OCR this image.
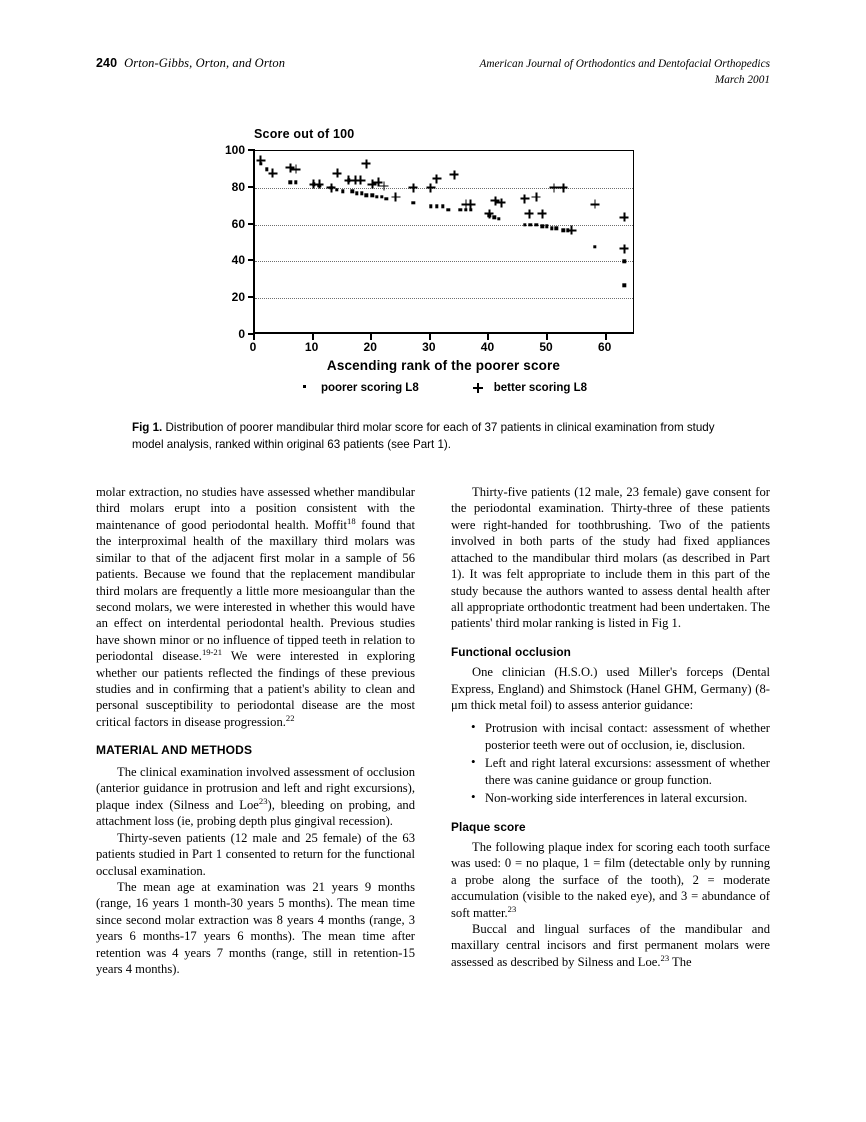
240 Orton-Gibbs, Orton, and Orton	American Journal of Orthodontics and Dentofacial Orthopedics
March 2001
Score out of 100
0
20
40
60
80
100
0	10	20	30	40	50	60
Ascending rank of the poorer score
poorer scoring L8	better scoring L8
Fig 1. Distribution of poorer mandibular third molar score for each of 37 patients in clinical examination from study model analysis, ranked within original 63 patients (see Part 1).

molar extraction, no studies have assessed whether mandibular third molars erupt into a position consistent with the maintenance of good periodontal health. Moffit$^{18}$ found that the interproximal health of the maxillary third molars was similar to that of the adjacent first molar in a sample of 56 patients. Because we found that the replacement mandibular third molars are frequently a little more mesioangular than the second molars, we were interested in whether this would have an effect on interdental periodontal health. Previous studies have shown minor or no influence of tipped teeth in relation to periodontal disease.$^{19-21}$ We were interested in exploring whether our patients reflected the findings of these previous studies and in confirming that a patient's ability to clean and personal susceptibility to periodontal disease are the most critical factors in disease progression.$^{22}$

MATERIAL AND METHODS

The clinical examination involved assessment of occlusion (anterior guidance in protrusion and left and right excursions), plaque index (Silness and Loe$^{23}$), bleeding on probing, and attachment loss (ie, probing depth plus gingival recession).

Thirty-seven patients (12 male and 25 female) of the 63 patients studied in Part 1 consented to return for the functional occlusal examination.

The mean age at examination was 21 years 9 months (range, 16 years 1 month-30 years 5 months). The mean time since second molar extraction was 8 years 4 months (range, 3 years 6 months-17 years 6 months). The mean time after retention was 4 years 7 months (range, still in retention-15 years 4 months).

Thirty-five patients (12 male, 23 female) gave consent for the periodontal examination. Thirty-three of these patients were right-handed for toothbrushing. Two of the patients involved in both parts of the study had fixed appliances attached to the mandibular third molars (as described in Part 1). It was felt appropriate to include them in this part of the study because the authors wanted to assess dental health after all appropriate orthodontic treatment had been undertaken. The patients' third molar ranking is listed in Fig 1.

Functional occlusion

One clinician (H.S.O.) used Miller's forceps (Dental Express, England) and Shimstock (Hanel GHM, Germany) (8-μm thick metal foil) to assess anterior guidance:

• Protrusion with incisal contact: assessment of whether posterior teeth were out of occlusion, ie, disclusion.
• Left and right lateral excursions: assessment of whether there was canine guidance or group function.
• Non-working side interferences in lateral excursion.
Plaque score

The following plaque index for scoring each tooth surface was used: 0 = no plaque, 1 = film (detectable only by running a probe along the surface of the tooth), 2 = moderate accumulation (visible to the naked eye), and 3 = abundance of soft matter.$^{23}$

Buccal and lingual surfaces of the mandibular and maxillary central incisors and first permanent molars were assessed as described by Silness and Loe.$^{23}$ The
